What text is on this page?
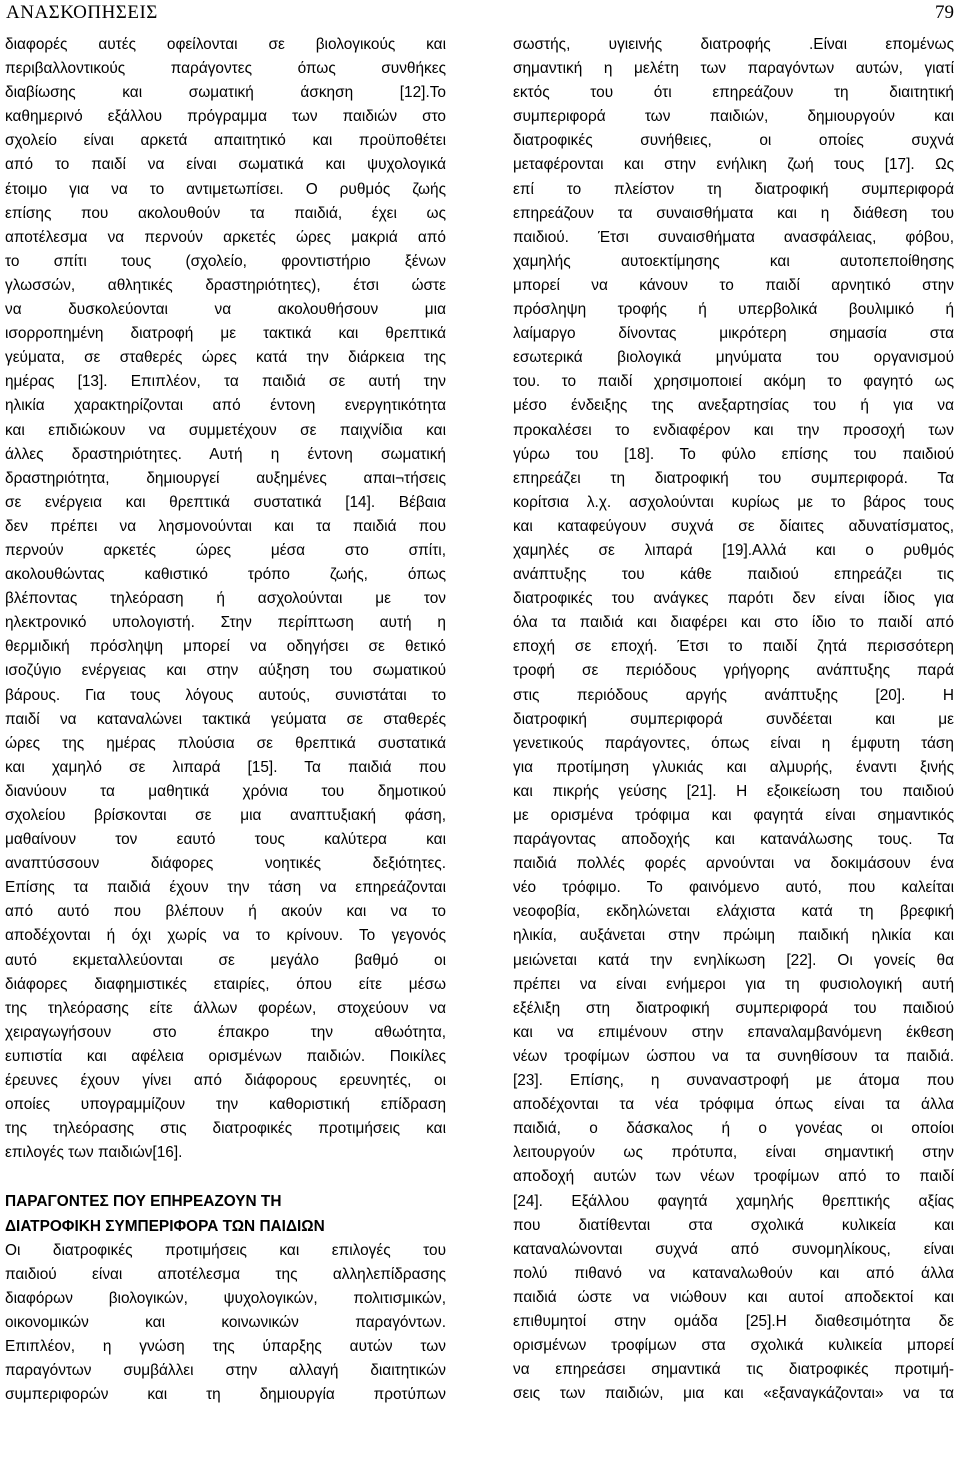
ΑΝΑΣΚΟΠΗΣΕΙΣ	79
διαφορές αυτές οφείλονται σε βιολογικούς και
περιβαλλοντικούς παράγοντες όπως συνθήκες
διαβίωσης και σωματική άσκηση [12].Το
καθημερινό εξάλλου πρόγραμμα των παιδιών στο
σχολείο είναι αρκετά απαιτητικό και προϋποθέτει
από το παιδί να είναι σωματικά και ψυχολογικά
έτοιμο για να το αντιμετωπίσει. Ο ρυθμός ζωής
επίσης που ακολουθούν τα παιδιά, έχει ως
αποτέλεσμα να περνούν αρκετές ώρες μακριά από
το σπίτι τους (σχολείο, φροντιστήριο ξένων
γλωσσών, αθλητικές δραστηριότητες), έτσι ώστε
να δυσκολεύονται να ακολουθήσουν μια
ισορροπημένη διατροφή με τακτικά και θρεπτικά
γεύματα, σε σταθερές ώρες κατά την διάρκεια της
ημέρας [13]. Επιπλέον, τα παιδιά σε αυτή την
ηλικία χαρακτηρίζονται από έντονη ενεργητικότητα
και επιδιώκουν να συμμετέχουν σε παιχνίδια και
άλλες δραστηριότητες. Αυτή η έντονη σωματική
δραστηριότητα, δημιουργεί αυξημένες απαι¬τήσεις
σε ενέργεια και θρεπτικά συστατικά [14]. Βέβαια
δεν πρέπει να λησμονούνται και τα παιδιά που
περνούν αρκετές ώρες μέσα στο σπίτι,
ακολουθώντας καθιστικό τρόπο ζωής, όπως
βλέποντας τηλεόραση ή ασχολούνται με τον
ηλεκτρονικό υπολογιστή. Στην περίπτωση αυτή η
θερμιδική πρόσληψη μπορεί να οδηγήσει σε θετικό
ισοζύγιο ενέργειας και στην αύξηση του σωματικού
βάρους. Για τους λόγους αυτούς, συνιστάται το
παιδί να καταναλώνει τακτικά γεύματα σε σταθερές
ώρες της ημέρας πλούσια σε θρεπτικά συστατικά
και χαμηλό σε λιπαρά [15]. Τα παιδιά που
διανύουν τα μαθητικά χρόνια του δημοτικού
σχολείου βρίσκονται σε μια αναπτυξιακή φάση,
μαθαίνουν τον εαυτό τους καλύτερα και
αναπτύσσουν διάφορες νοητικές δεξιότητες.
Επίσης τα παιδιά έχουν την τάση να επηρεάζονται
από αυτό που βλέπουν ή ακούν και να το
αποδέχονται ή όχι χωρίς να το κρίνουν. Το γεγονός
αυτό εκμεταλλεύονται σε μεγάλο βαθμό οι
διάφορες διαφημιστικές εταιρίες, όπου είτε μέσω
της τηλεόρασης είτε άλλων φορέων, στοχεύουν να
χειραγωγήσουν στο έπακρο την αθωότητα,
ευπιστία και αφέλεια ορισμένων παιδιών. Ποικίλες
έρευνες έχουν γίνει από διάφορους ερευνητές, οι
οποίες υπογραμμίζουν την καθοριστική επίδραση
της τηλεόρασης στις διατροφικές προτιμήσεις και
επιλογές των παιδιών[16].
ΠΑΡΑΓΟΝΤΕΣ ΠΟΥ ΕΠΗΡΕΑΖΟΥΝ ΤΗ
ΔΙΑΤΡΟΦΙΚΗ ΣΥΜΠΕΡΙΦΟΡΑ ΤΩΝ ΠΑΙΔΙΩΝ
Οι διατροφικές προτιμήσεις και επιλογές του
παιδιού είναι αποτέλεσμα της αλληλεπίδρασης
διαφόρων βιολογικών, ψυχολογικών, πολιτισμικών,
οικονομικών και κοινωνικών παραγόντων.
Επιπλέον, η γνώση της ύπαρξης αυτών των
παραγόντων συμβάλλει στην αλλαγή διαιτητικών
συμπεριφορών και τη δημιουργία προτύπων
σωστής, υγιεινής διατροφής .Είναι επομένως
σημαντική η μελέτη των παραγόντων αυτών, γιατί
εκτός του ότι επηρεάζουν τη διαιτητική
συμπεριφορά των παιδιών, δημιουργούν και
διατροφικές συνήθειες, οι οποίες συχνά
μεταφέρονται και στην ενήλικη ζωή τους [17]. Ως
επί το πλείστον τη διατροφική συμπεριφορά
επηρεάζουν τα συναισθήματα και η διάθεση του
παιδιού. Έτσι συναισθήματα ανασφάλειας, φόβου,
χαμηλής αυτοεκτίμησης και αυτοπεποίθησης
μπορεί να κάνουν το παιδί αρνητικό στην
πρόσληψη τροφής ή υπερβολικά βουλιμικό ή
λαίμαργο δίνοντας μικρότερη σημασία στα
εσωτερικά βιολογικά μηνύματα του οργανισμού
του. το παιδί χρησιμοποιεί ακόμη το φαγητό ως
μέσο ένδειξης της ανεξαρτησίας του ή για να
προκαλέσει το ενδιαφέρον και την προσοχή των
γύρω του [18]. Το φύλο επίσης του παιδιού
επηρεάζει τη διατροφική του συμπεριφορά. Τα
κορίτσια λ.χ. ασχολούνται κυρίως με το βάρος τους
και καταφεύγουν συχνά σε δίαιτες αδυνατίσματος,
χαμηλές σε λιπαρά [19].Αλλά και ο ρυθμός
ανάπτυξης του κάθε παιδιού επηρεάζει τις
διατροφικές του ανάγκες παρότι δεν είναι ίδιος για
όλα τα παιδιά και διαφέρει και στο ίδιο το παιδί από
εποχή σε εποχή. Έτσι το παιδί ζητά περισσότερη
τροφή σε περιόδους γρήγορης ανάπτυξης παρά
στις περιόδους αργής ανάπτυξης [20]. Η
διατροφική συμπεριφορά συνδέεται και με
γενετικούς παράγοντες, όπως είναι η έμφυτη τάση
για προτίμηση γλυκιάς και αλμυρής, έναντι ξινής
και πικρής γεύσης [21]. Η εξοικείωση του παιδιού
με ορισμένα τρόφιμα και φαγητά είναι σημαντικός
παράγοντας αποδοχής και κατανάλωσης τους. Τα
παιδιά πολλές φορές αρνούνται να δοκιμάσουν ένα
νέο τρόφιμο. Το φαινόμενο αυτό, που καλείται
νεοφοβία, εκδηλώνεται ελάχιστα κατά τη βρεφική
ηλικία, αυξάνεται στην πρώιμη παιδική ηλικία και
μειώνεται κατά την ενηλίκωση [22]. Οι γονείς θα
πρέπει να είναι ενήμεροι για τη φυσιολογική αυτή
εξέλιξη στη διατροφική συμπεριφορά του παιδιού
και να επιμένουν στην επαναλαμβανόμενη έκθεση
νέων τροφίμων ώσπου να τα συνηθίσουν τα παιδιά.
[23]. Επίσης, η συναναστροφή με άτομα που
αποδέχονται τα νέα τρόφιμα όπως είναι τα άλλα
παιδιά, ο δάσκαλος ή ο γονέας οι οποίοι
λειτουργούν ως πρότυπα, είναι σημαντική στην
αποδοχή αυτών των νέων τροφίμων από το παιδί
[24]. Εξάλλου φαγητά χαμηλής θρεπτικής αξίας
που διατίθενται στα σχολικά κυλικεία και
καταναλώνονται συχνά από συνομηλίκους, είναι
πολύ πιθανό να καταναλωθούν και από άλλα
παιδιά ώστε να νιώθουν και αυτοί αποδεκτοί και
επιθυμητοί στην ομάδα [25].Η διαθεσιμότητα δε
ορισμένων τροφίμων στα σχολικά κυλικεία μπορεί
να επηρεάσει σημαντικά τις διατροφικές προτιμή-
σεις των παιδιών, μια και «εξαναγκάζονται» να τα
